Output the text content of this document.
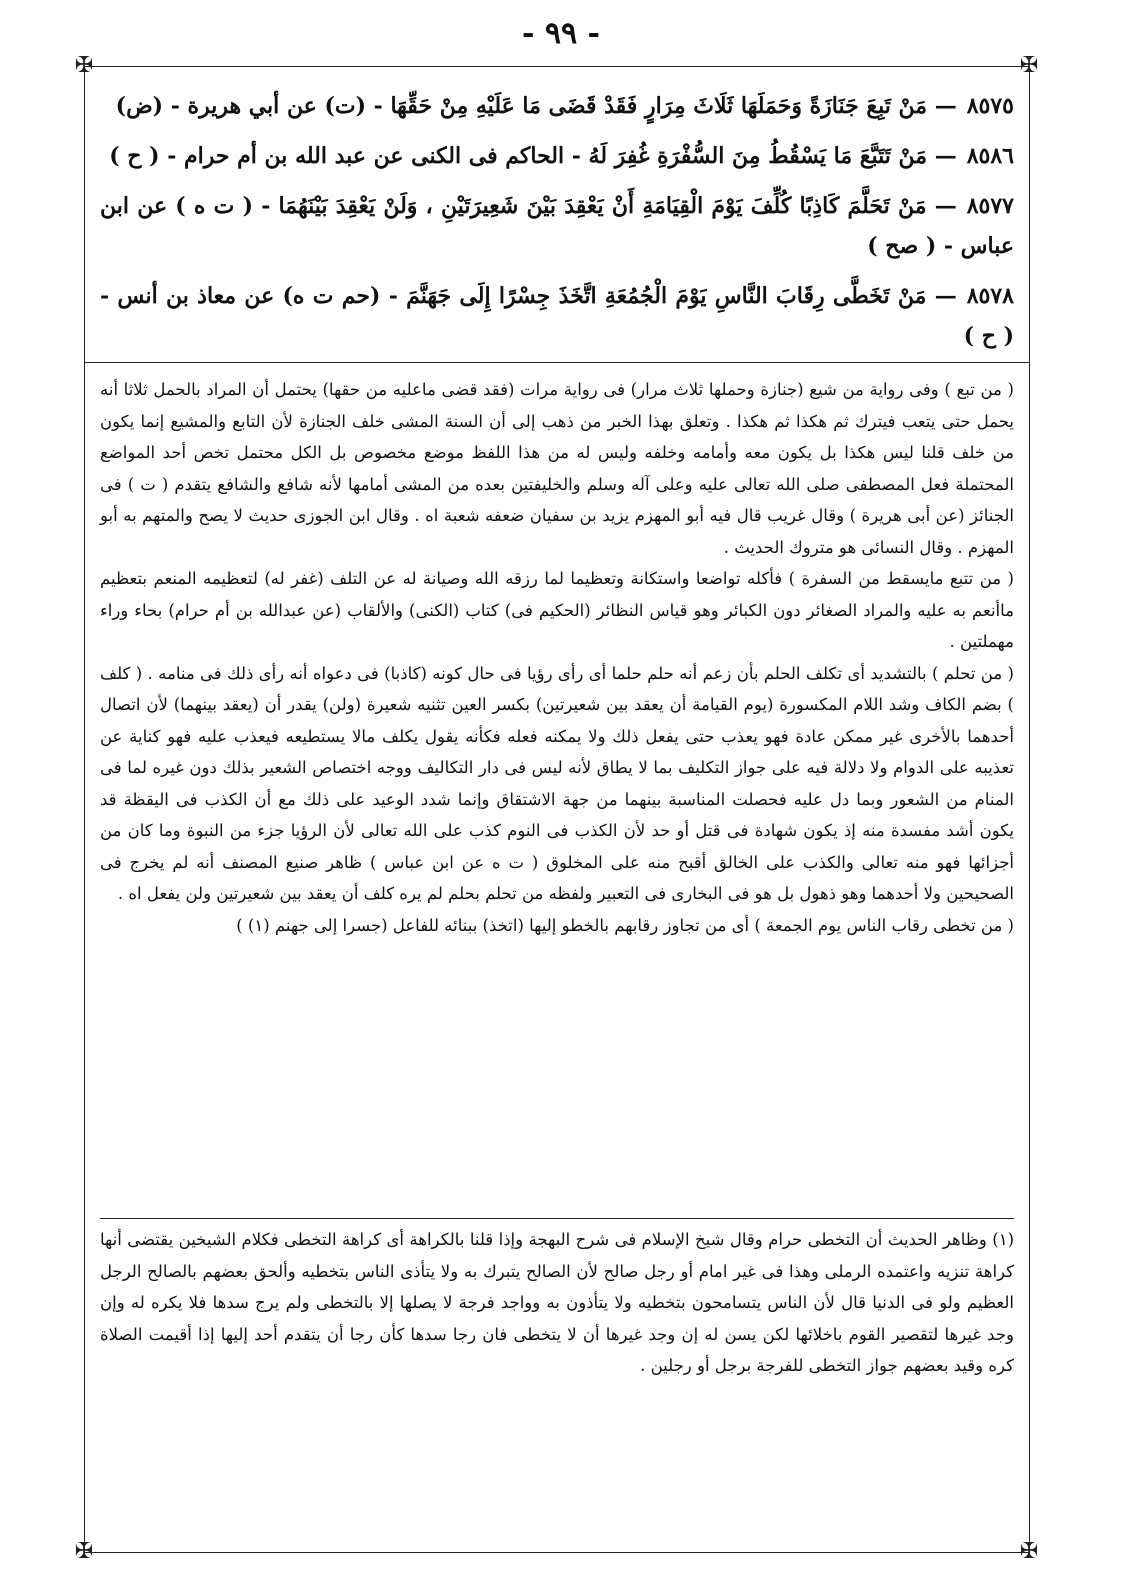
- ٩٩ -
✠	✠
✠	✠

٨٥٧٥— مَنْ تَبِعَ جَنَازَةً وَحَمَلَهَا ثَلَاثَ مِرَارٍ فَقَدْ قَضَى مَا عَلَيْهِ مِنْ حَقِّهَا - (ت) عن أبي هريرة - (ض)

٨٥٨٦— مَنْ تَتَبَّعَ مَا يَسْقُطُ مِنَ السُّفْرَةِ غُفِرَ لَهُ - الحاكم فى الكنى عن عبد الله بن أم حرام - ( ح )

٨٥٧٧— مَنْ تَحَلَّمَ كَاذِبًا كُلِّفَ يَوْمَ الْقِيَامَةِ أَنْ يَعْقِدَ بَيْنَ شَعِيرَتَيْنِ ، وَلَنْ يَعْقِدَ بَيْنَهُمَا - ( ت ه ) عن ابن عباس - ( صح )

٨٥٧٨— مَنْ تَخَطَّى رِقَابَ النَّاسِ يَوْمَ الْجُمُعَةِ اتَّخَذَ جِسْرًا إِلَى جَهَنَّمَ - (حم ت ه) عن معاذ بن أنس - ( ح )

( من تبع ) وفى رواية من شيع (جنازة وحملها ثلاث مرار) فى رواية مرات (فقد قضى ماعليه من حقها) يحتمل أن المراد بالحمل ثلاثا أنه يحمل حتى يتعب فيترك ثم هكذا ثم هكذا . وتعلق بهذا الخبر من ذهب إلى أن السنة المشى خلف الجنازة لأن التابع والمشيع إنما يكون من خلف قلنا ليس هكذا بل يكون معه وأمامه وخلفه وليس له من هذا اللفظ موضع مخصوص بل الكل محتمل تخص أحد المواضع المحتملة فعل المصطفى صلى الله تعالى عليه وعلى آله وسلم والخليفتين بعده من المشى أمامها لأنه شافع والشافع يتقدم ( ت ) فى الجنائز (عن أبى هريرة ) وقال غريب قال فيه أبو المهزم يزيد بن سفيان ضعفه شعبة اه . وقال ابن الجوزى حديث لا يصح والمتهم به أبو المهزم . وقال النسائى هو متروك الحديث .

( من تتبع مايسقط من السفرة ) فأكله تواضعا واستكانة وتعظيما لما رزقه الله وصيانة له عن التلف (غفر له) لتعظيمه المنعم بتعظيم ماأنعم به عليه والمراد الصغائر دون الكبائر وهو قياس النظائر (الحكيم فى) كتاب (الكنى) والألقاب (عن عبدالله بن أم حرام) بحاء وراء مهملتين .

( من تحلم ) بالتشديد أى تكلف الحلم بأن زعم أنه حلم حلما أى رأى رؤيا فى حال كونه (كاذبا) فى دعواه أنه رأى ذلك فى منامه . ( كلف ) بضم الكاف وشد اللام المكسورة (يوم القيامة أن يعقد بين شعيرتين) بكسر العين تثنيه شعيرة (ولن) يقدر أن (يعقد بينهما) لأن اتصال أحدهما بالأخرى غير ممكن عادة فهو يعذب حتى يفعل ذلك ولا يمكنه فعله فكأنه يقول يكلف مالا يستطيعه فيعذب عليه فهو كناية عن تعذيبه على الدوام ولا دلالة فيه على جواز التكليف بما لا يطاق لأنه ليس فى دار التكاليف ووجه اختصاص الشعير بذلك دون غيره لما فى المنام من الشعور وبما دل عليه فحصلت المناسبة بينهما من جهة الاشتقاق وإنما شدد الوعيد على ذلك مع أن الكذب فى اليقظة قد يكون أشد مفسدة منه إذ يكون شهادة فى قتل أو حد لأن الكذب فى النوم كذب على الله تعالى لأن الرؤيا جزء من النبوة وما كان من أجزائها فهو منه تعالى والكذب على الخالق أقبح منه على المخلوق ( ت ه عن ابن عباس ) ظاهر صنيع المصنف أنه لم يخرج فى الصحيحين ولا أحدهما وهو ذهول بل هو فى البخارى فى التعبير ولفظه من تحلم بحلم لم يره كلف أن يعقد بين شعيرتين ولن يفعل اه .

( من تخطى رقاب الناس يوم الجمعة ) أى من تجاوز رقابهم بالخطو إليها (اتخذ) ببنائه للفاعل (جسرا إلى جهنم (١) )

(١) وظاهر الحديث أن التخطى حرام وقال شيخ الإسلام فى شرح البهجة وإذا قلنا بالكراهة أى كراهة التخطى فكلام الشيخين يقتضى أنها كراهة تنزيه واعتمده الرملى وهذا فى غير امام أو رجل صالح لأن الصالح يتبرك به ولا يتأذى الناس بتخطيه وألحق بعضهم بالصالح الرجل العظيم ولو فى الدنيا قال لأن الناس يتسامحون بتخطيه ولا يتأذون به وواجد فرجة لا يصلها إلا بالتخطى ولم يرج سدها فلا يكره له وإن وجد غيرها لتقصير القوم باخلائها لكن يسن له إن وجد غيرها أن لا يتخطى فان رجا سدها كأن رجا أن يتقدم أحد إليها إذا أقيمت الصلاة كره وقيد بعضهم جواز التخطى للفرجة برجل أو رجلين .
